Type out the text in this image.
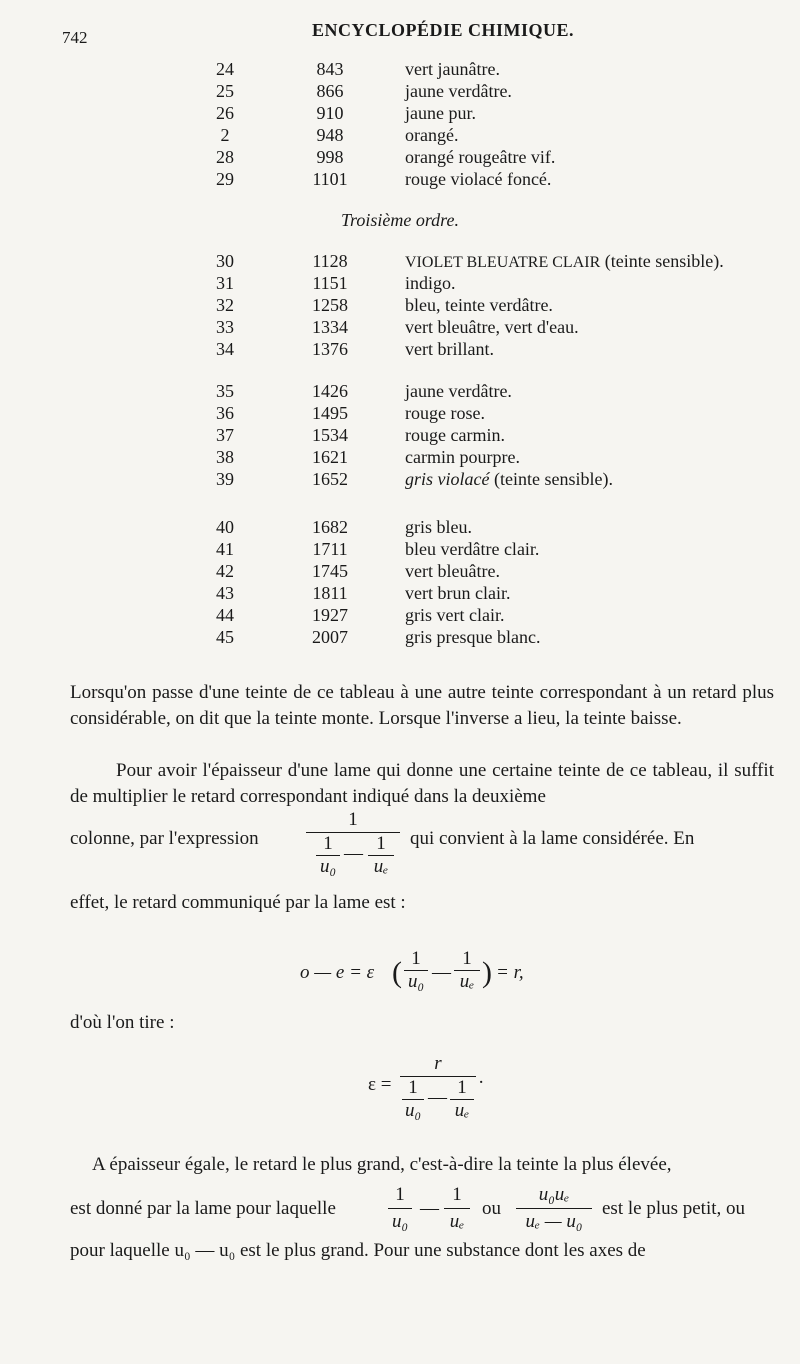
742	ENCYCLOPÉDIE CHIMIQUE.
24	843	vert jaunâtre.
25	866	jaune verdâtre.
26	910	jaune pur.
2	948	orangé.
28	998	orangé rougeâtre vif.
29	1101	rouge violacé foncé.
Troisième ordre.
30	1128	VIOLET BLEUATRE CLAIR (teinte sensible).
31	1151	indigo.
32	1258	bleu, teinte verdâtre.
33	1334	vert bleuâtre, vert d'eau.
34	1376	vert brillant.
35	1426	jaune verdâtre.
36	1495	rouge rose.
37	1534	rouge carmin.
38	1621	carmin pourpre.
39	1652	gris violacé (teinte sensible).
40	1682	gris bleu.
41	1711	bleu verdâtre clair.
42	1745	vert bleuâtre.
43	1811	vert brun clair.
44	1927	gris vert clair.
45	2007	gris presque blanc.
Lorsqu'on passe d'une teinte de ce tableau à une autre teinte correspondant à un retard plus considérable, on dit que la teinte monte. Lorsque l'inverse a lieu, la teinte baisse.
Pour avoir l'épaisseur d'une lame qui donne une certaine teinte de ce tableau, il suffit de multiplier le retard correspondant indiqué dans la deuxième
colonne, par l'expression 1
1
u₀
— 1
uₑ qui convient à la lame considérée. En
effet, le retard communiqué par la lame est :
o — e = ε ( 1
u₀ —
1
uₑ ) = r,
d'où l'on tire :
ε =
r
1
u₀
— 1
uₑ
·
A épaisseur égale, le retard le plus grand, c'est-à-dire la teinte la plus élevée,
est donné par la lame pour laquelle
1
u₀
—
1
uₑ
ou
u₀uₑ
uₑ — u₀
est le plus petit, ou
pour laquelle u₀ — u₀ est le plus grand. Pour une substance dont les axes de
